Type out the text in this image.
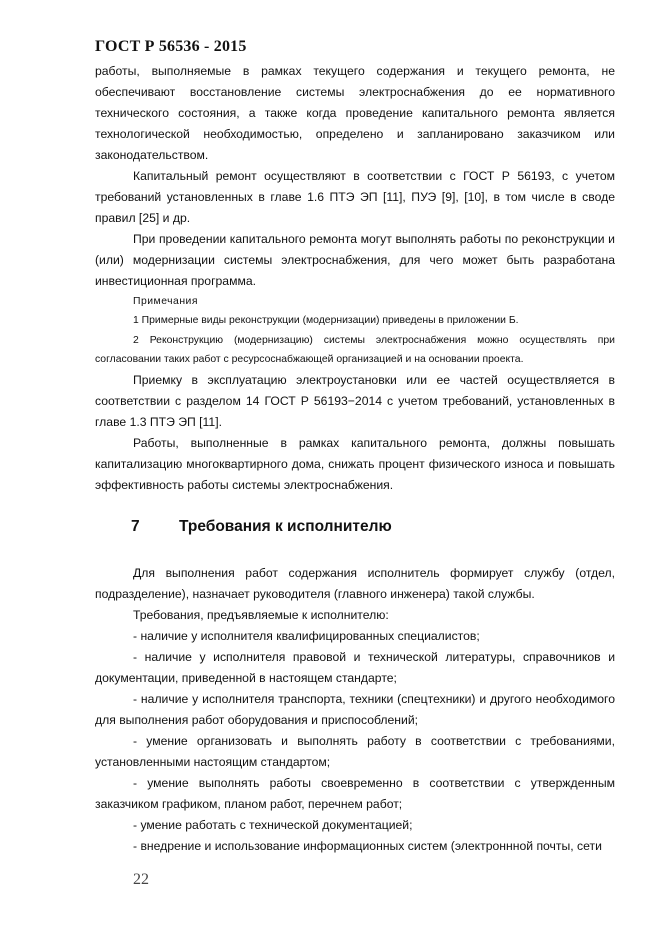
ГОСТ Р 56536 - 2015

работы, выполняемые в рамках текущего содержания и текущего ремонта, не обеспечивают восстановление системы электроснабжения до ее нормативного технического состояния, а также когда проведение капитального ремонта является технологической необходимостью, определено и запланировано заказчиком или законодательством.

Капитальный ремонт осуществляют в соответствии с ГОСТ Р 56193, с учетом требований установленных в главе 1.6 ПТЭ ЭП [11], ПУЭ [9], [10], в том числе в своде правил [25] и др.

При проведении капитального ремонта могут выполнять работы по реконструкции и (или) модернизации системы электроснабжения, для чего может быть разработана инвестиционная программа.

Примечания

1 Примерные виды реконструкции (модернизации) приведены в приложении Б.

2 Реконструкцию (модернизацию) системы электроснабжения можно осуществлять при согласовании таких работ с ресурсоснабжающей организацией и на основании проекта.

Приемку в эксплуатацию электроустановки или ее частей осуществляется в соответствии с разделом 14 ГОСТ Р 56193−2014 с учетом требований, установленных в главе 1.3 ПТЭ ЭП [11].

Работы, выполненные в рамках капитального ремонта, должны повышать капитализацию многоквартирного дома, снижать процент физического износа и повышать эффективность работы системы электроснабжения.

7	Требования к исполнителю

Для выполнения работ содержания исполнитель формирует службу (отдел, подразделение), назначает руководителя (главного инженера) такой службы.

Требования, предъявляемые к исполнителю:

- наличие у исполнителя квалифицированных специалистов;

- наличие у исполнителя правовой и технической литературы, справочников и документации, приведенной в настоящем стандарте;

- наличие у исполнителя транспорта, техники (спецтехники) и другого необходимого для выполнения работ оборудования и приспособлений;

- умение организовать и выполнять работу в соответствии с требованиями, установленными настоящим стандартом;

- умение выполнять работы своевременно в соответствии с утвержденным заказчиком графиком, планом работ, перечнем работ;

- умение работать с технической документацией;

- внедрение и использование информационных систем (электроннной почты, сети

22
